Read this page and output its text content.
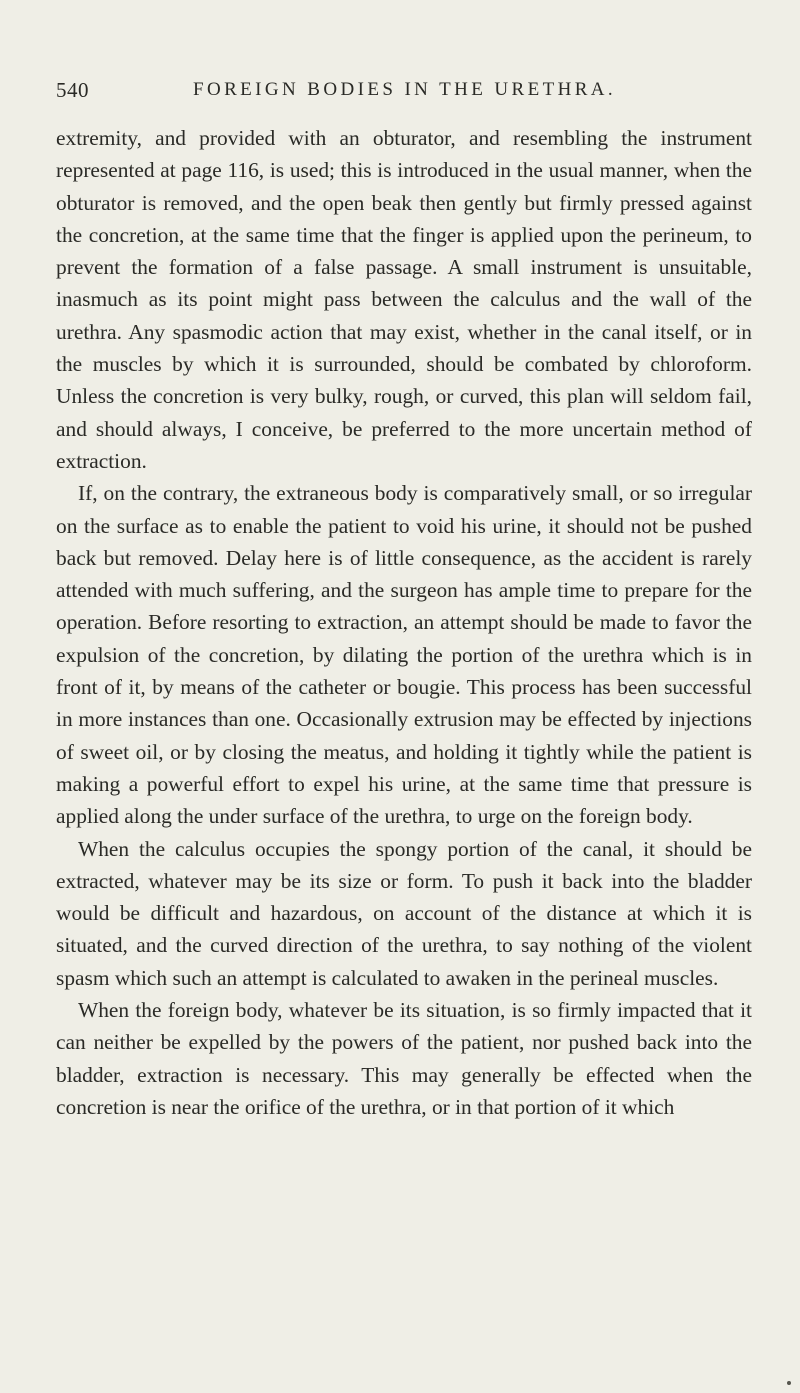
540	FOREIGN BODIES IN THE URETHRA.

extremity, and provided with an obturator, and resembling the instrument represented at page 116, is used; this is introduced in the usual manner, when the obturator is removed, and the open beak then gently but firmly pressed against the concretion, at the same time that the finger is applied upon the perineum, to prevent the formation of a false passage. A small instrument is unsuitable, inasmuch as its point might pass between the calculus and the wall of the urethra. Any spasmodic action that may exist, whether in the canal itself, or in the muscles by which it is surrounded, should be combated by chloroform. Unless the concretion is very bulky, rough, or curved, this plan will seldom fail, and should always, I conceive, be preferred to the more uncertain method of extraction.

If, on the contrary, the extraneous body is comparatively small, or so irregular on the surface as to enable the patient to void his urine, it should not be pushed back but removed. Delay here is of little consequence, as the accident is rarely attended with much suffering, and the surgeon has ample time to prepare for the operation. Before resorting to extraction, an attempt should be made to favor the expulsion of the concretion, by dilating the portion of the urethra which is in front of it, by means of the catheter or bougie. This process has been successful in more instances than one. Occasionally extrusion may be effected by injections of sweet oil, or by closing the meatus, and holding it tightly while the patient is making a powerful effort to expel his urine, at the same time that pressure is applied along the under surface of the urethra, to urge on the foreign body.

When the calculus occupies the spongy portion of the canal, it should be extracted, whatever may be its size or form. To push it back into the bladder would be difficult and hazardous, on account of the distance at which it is situated, and the curved direction of the urethra, to say nothing of the violent spasm which such an attempt is calculated to awaken in the perineal muscles.

When the foreign body, whatever be its situation, is so firmly impacted that it can neither be expelled by the powers of the patient, nor pushed back into the bladder, extraction is necessary. This may generally be effected when the concretion is near the orifice of the urethra, or in that portion of it which
